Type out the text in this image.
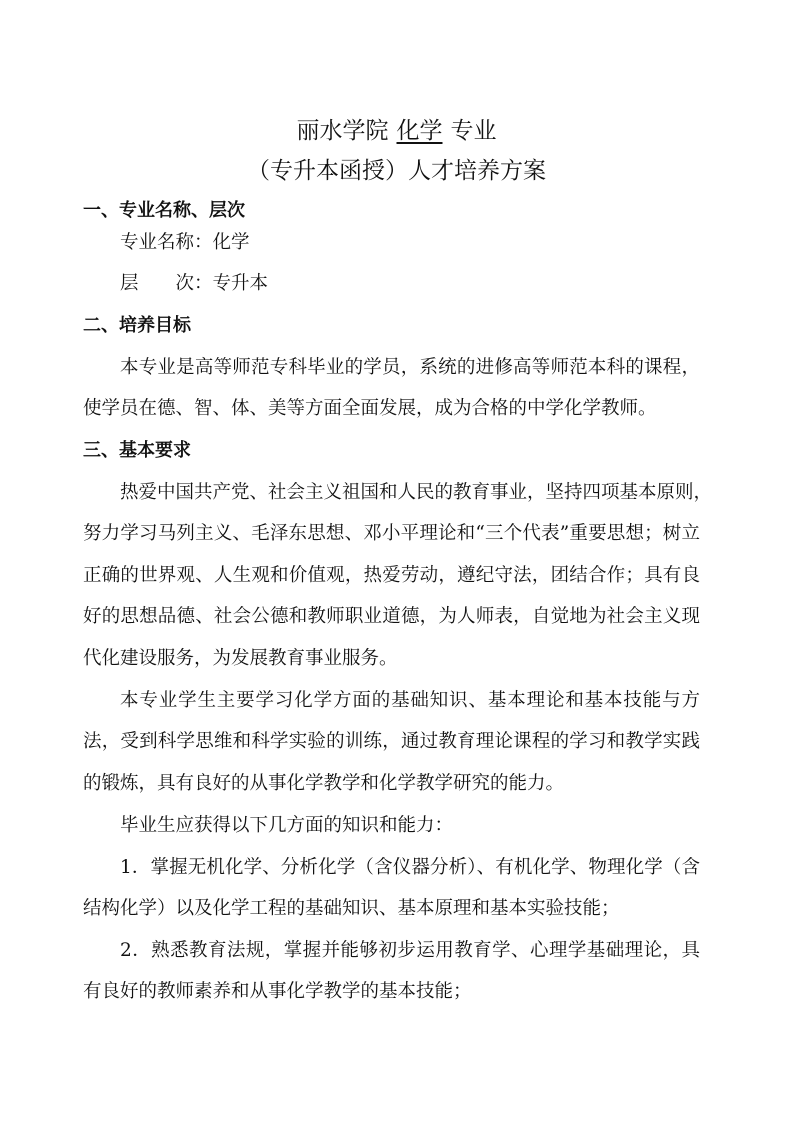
丽水学院 化学 专业
（专升本函授）人才培养方案
一、专业名称、层次
专业名称：化学
层　　次：专升本
二、培养目标
本专业是高等师范专科毕业的学员，系统的进修高等师范本科的课程，
使学员在德、智、体、美等方面全面发展，成为合格的中学化学教师。
三、基本要求
热爱中国共产党、社会主义祖国和人民的教育事业，坚持四项基本原则，
努力学习马列主义、毛泽东思想、邓小平理论和“三个代表”重要思想；树立
正确的世界观、人生观和价值观，热爱劳动，遵纪守法，团结合作；具有良
好的思想品德、社会公德和教师职业道德，为人师表，自觉地为社会主义现
代化建设服务，为发展教育事业服务。
本专业学生主要学习化学方面的基础知识、基本理论和基本技能与方
法，受到科学思维和科学实验的训练，通过教育理论课程的学习和教学实践
的锻炼，具有良好的从事化学教学和化学教学研究的能力。
毕业生应获得以下几方面的知识和能力：
1．掌握无机化学、分析化学（含仪器分析）、有机化学、物理化学（含
结构化学）以及化学工程的基础知识、基本原理和基本实验技能；
2．熟悉教育法规，掌握并能够初步运用教育学、心理学基础理论，具
有良好的教师素养和从事化学教学的基本技能；
